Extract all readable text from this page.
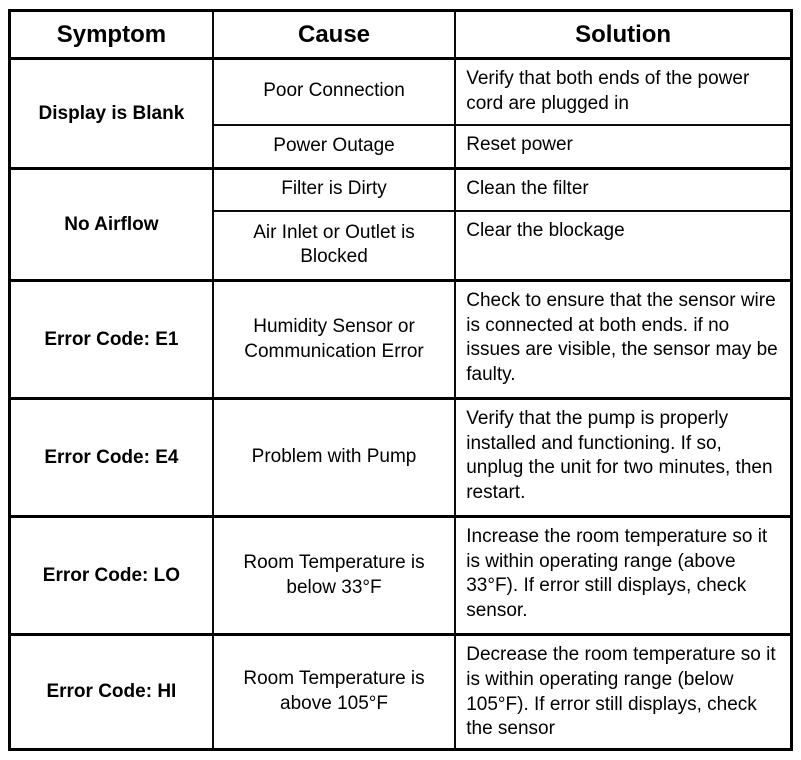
Symptom	Cause	Solution
Display is Blank	Poor Connection	Verify that both ends of the power cord are plugged in
	Power Outage	Reset power
No Airflow	Filter is Dirty	Clean the filter
	Air Inlet or Outlet is Blocked	Clear the blockage
Error Code: E1	Humidity Sensor or Communication Error	Check to ensure that the sensor wire is connected at both ends. if no issues are visible, the sensor may be faulty.
Error Code: E4	Problem with Pump	Verify that the pump is properly installed and functioning. If so, unplug the unit for two minutes, then restart.
Error Code: LO	Room Temperature is below 33°F	Increase the room temperature so it is within operating range (above 33°F). If error still displays, check sensor.
Error Code: HI	Room Temperature is above 105°F	Decrease the room temperature so it is within operating range (below 105°F). If error still displays, check the sensor
